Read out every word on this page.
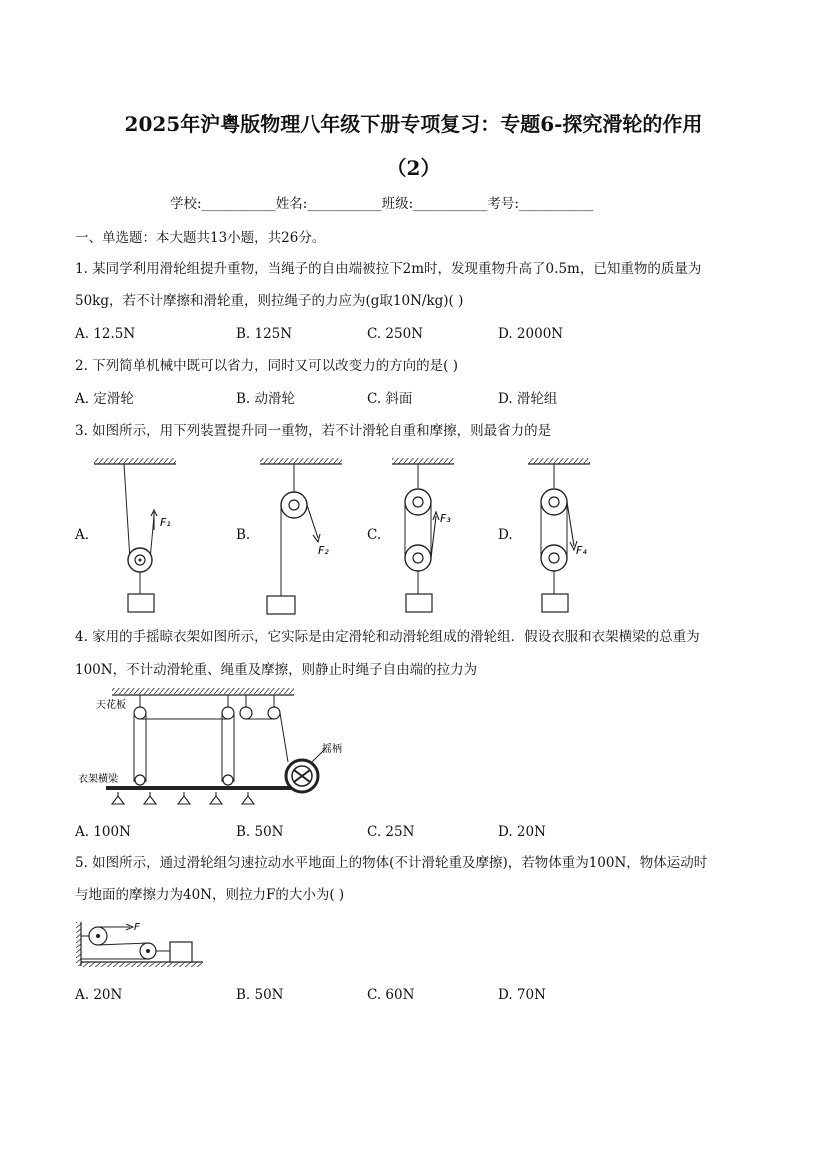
2025年沪粤版物理八年级下册专项复习：专题6-探究滑轮的作用
（2）
学校:___________姓名:___________班级:___________考号:___________
一、单选题：本大题共13小题，共26分。
1. 某同学利用滑轮组提升重物，当绳子的自由端被拉下2m时，发现重物升高了0.5m，已知重物的质量为
50kg，若不计摩擦和滑轮重，则拉绳子的力应为(g取10N/kg)( )
A. 12.5N	B. 125N	C. 250N	D. 2000N
2. 下列简单机械中既可以省力，同时又可以改变力的方向的是( )
A. 定滑轮	B. 动滑轮	C. 斜面	D. 滑轮组
3. 如图所示，用下列装置提升同一重物，若不计滑轮自重和摩擦，则最省力的是
A.	B.	C.	D.
F₁
F₂
F₃
F₄
4. 家用的手摇晾衣架如图所示，它实际是由定滑轮和动滑轮组成的滑轮组．假设衣服和衣架横梁的总重为
100N，不计动滑轮重、绳重及摩擦，则静止时绳子自由端的拉力为
天花板
衣架横梁
摇柄
A. 100N	B. 50N	C. 25N	D. 20N
5. 如图所示，通过滑轮组匀速拉动水平地面上的物体(不计滑轮重及摩擦)，若物体重为100N，物体运动时
与地面的摩擦力为40N，则拉力F的大小为( )
F
A. 20N	B. 50N	C. 60N	D. 70N
